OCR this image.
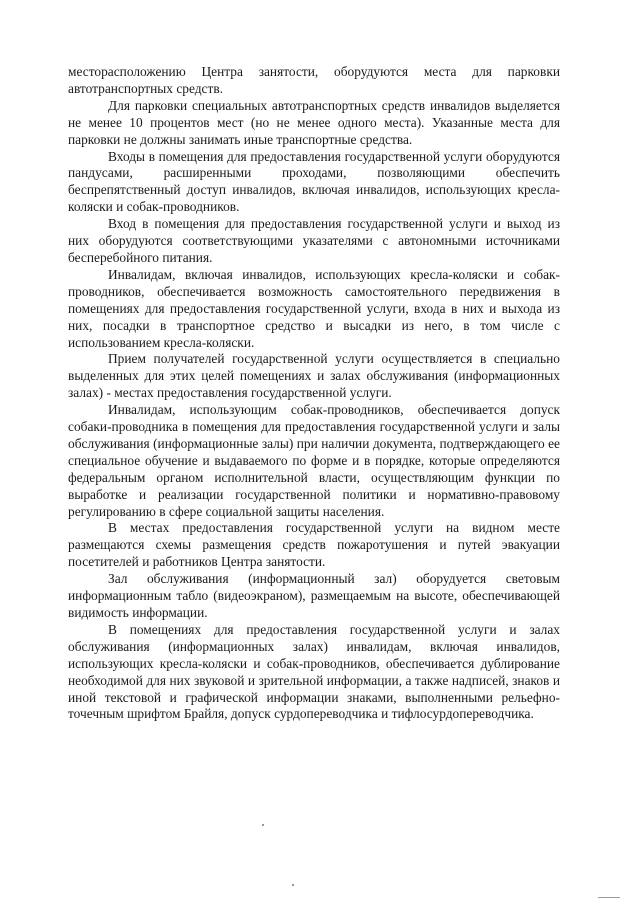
месторасположению Центра занятости, оборудуются места для парковки автотранспортных средств.

Для парковки специальных автотранспортных средств инвалидов выделяется не менее 10 процентов мест (но не менее одного места). Указанные места для парковки не должны занимать иные транспортные средства.

Входы в помещения для предоставления государственной услуги оборудуются пандусами, расширенными проходами, позволяющими обеспечить беспрепятственный доступ инвалидов, включая инвалидов, использующих кресла-коляски и собак-проводников.

Вход в помещения для предоставления государственной услуги и выход из них оборудуются соответствующими указателями с автономными источниками бесперебойного питания.

Инвалидам, включая инвалидов, использующих кресла-коляски и собак-проводников, обеспечивается возможность самостоятельного передвижения в помещениях для предоставления государственной услуги, входа в них и выхода из них, посадки в транспортное средство и высадки из него, в том числе с использованием кресла-коляски.

Прием получателей государственной услуги осуществляется в специально выделенных для этих целей помещениях и залах обслуживания (информационных залах) - местах предоставления государственной услуги.

Инвалидам, использующим собак-проводников, обеспечивается допуск собаки-проводника в помещения для предоставления государственной услуги и залы обслуживания (информационные залы) при наличии документа, подтверждающего ее специальное обучение и выдаваемого по форме и в порядке, которые определяются федеральным органом исполнительной власти, осуществляющим функции по выработке и реализации государственной политики и нормативно-правовому регулированию в сфере социальной защиты населения.

В местах предоставления государственной услуги на видном месте размещаются схемы размещения средств пожаротушения и путей эвакуации посетителей и работников Центра занятости.

Зал обслуживания (информационный зал) оборудуется световым информационным табло (видеоэкраном), размещаемым на высоте, обеспечивающей видимость информации.

В помещениях для предоставления государственной услуги и залах обслуживания (информационных залах) инвалидам, включая инвалидов, использующих кресла-коляски и собак-проводников, обеспечивается дублирование необходимой для них звуковой и зрительной информации, а также надписей, знаков и иной текстовой и графической информации знаками, выполненными рельефно-точечным шрифтом Брайля, допуск сурдопереводчика и тифлосурдопереводчика.
